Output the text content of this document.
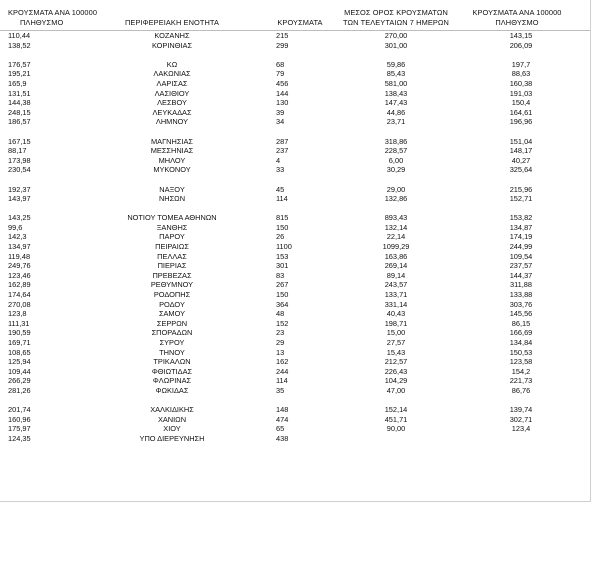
ΚΡΟΥΣΜΑΤΑ ΑΝΑ 100000
ΠΛΗΘΥΣΜΟ	ΠΕΡΙΦΕΡΕΙΑΚΗ ΕΝΟΤΗΤΑ	ΚΡΟΥΣΜΑΤΑ
ΜΕΣΟΣ ΟΡΟΣ ΚΡΟΥΣΜΑΤΩΝ
ΤΩΝ ΤΕΛΕΥΤΑΙΩΝ 7 ΗΜΕΡΩΝ
ΚΡΟΥΣΜΑΤΑ ΑΝΑ 100000
ΠΛΗΘΥΣΜΟ
110,44	ΚΟΖΑΝΗΣ	215	270,00	143,15
138,52	ΚΟΡΙΝΘΙΑΣ	299	301,00	206,09
176,57	ΚΩ	68	59,86	197,7
195,21	ΛΑΚΩΝΙΑΣ	79	85,43	88,63
165,9	ΛΑΡΙΣΑΣ	456	581,00	160,38
131,51	ΛΑΣΙΘΙΟΥ	144	138,43	191,03
144,38	ΛΕΣΒΟΥ	130	147,43	150,4
248,15	ΛΕΥΚΑΔΑΣ	39	44,86	164,61
186,57	ΛΗΜΝΟΥ	34	23,71	196,96
167,15	ΜΑΓΝΗΣΙΑΣ	287	318,86	151,04
88,17	ΜΕΣΣΗΝΙΑΣ	237	228,57	148,17
173,98	ΜΗΛΟΥ	4	6,00	40,27
230,54	ΜΥΚΟΝΟΥ	33	30,29	325,64
192,37	ΝΑΞΟΥ	45	29,00	215,96
143,97	ΝΗΣΩΝ	114	132,86	152,71
143,25	ΝΟΤΙΟΥ ΤΟΜΕΑ ΑΘΗΝΩΝ	815	893,43	153,82
99,6	ΞΑΝΘΗΣ	150	132,14	134,87
142,3	ΠΑΡΟΥ	26	22,14	174,19
134,97	ΠΕΙΡΑΙΩΣ	1100	1099,29	244,99
119,48	ΠΕΛΛΑΣ	153	163,86	109,54
249,76	ΠΙΕΡΙΑΣ	301	269,14	237,57
123,46	ΠΡΕΒΕΖΑΣ	83	89,14	144,37
162,89	ΡΕΘΥΜΝΟΥ	267	243,57	311,88
174,64	ΡΟΔΟΠΗΣ	150	133,71	133,88
270,08	ΡΟΔΟΥ	364	331,14	303,76
123,8	ΣΑΜΟΥ	48	40,43	145,56
111,31	ΣΕΡΡΩΝ	152	198,71	86,15
190,59	ΣΠΟΡΑΔΩΝ	23	15,00	166,69
169,71	ΣΥΡΟΥ	29	27,57	134,84
108,65	ΤΗΝΟΥ	13	15,43	150,53
125,94	ΤΡΙΚΑΛΩΝ	162	212,57	123,58
109,44	ΦΘΙΩΤΙΔΑΣ	244	226,43	154,2
266,29	ΦΛΩΡΙΝΑΣ	114	104,29	221,73
281,26	ΦΩΚΙΔΑΣ	35	47,00	86,76
201,74	ΧΑΛΚΙΔΙΚΗΣ	148	152,14	139,74
160,96	ΧΑΝΙΩΝ	474	451,71	302,71
175,97	ΧΙΟΥ	65	90,00	123,4
124,35	ΥΠΟ ΔΙΕΡΕΥΝΗΣΗ	438
